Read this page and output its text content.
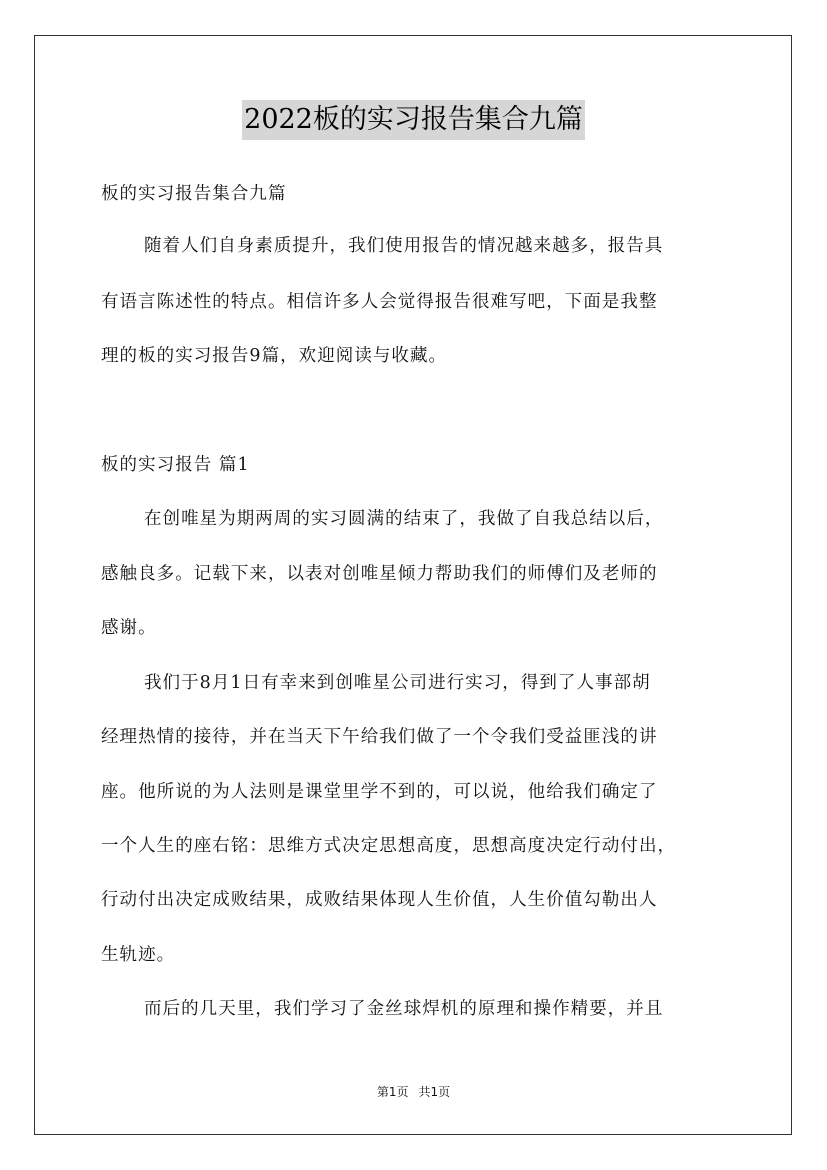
2022板的实习报告集合九篇
板的实习报告集合九篇
随着人们自身素质提升，我们使用报告的情况越来越多，报告具
有语言陈述性的特点。相信许多人会觉得报告很难写吧，下面是我整
理的板的实习报告9篇，欢迎阅读与收藏。
板的实习报告 篇1
在创唯星为期两周的实习圆满的结束了，我做了自我总结以后，
感触良多。记载下来，以表对创唯星倾力帮助我们的师傅们及老师的
感谢。
我们于8月1日有幸来到创唯星公司进行实习，得到了人事部胡
经理热情的接待，并在当天下午给我们做了一个令我们受益匪浅的讲
座。他所说的为人法则是课堂里学不到的，可以说，他给我们确定了
一个人生的座右铭：思维方式决定思想高度，思想高度决定行动付出，
行动付出决定成败结果，成败结果体现人生价值，人生价值勾勒出人
生轨迹。
而后的几天里，我们学习了金丝球焊机的原理和操作精要，并且
第1页 共1页
